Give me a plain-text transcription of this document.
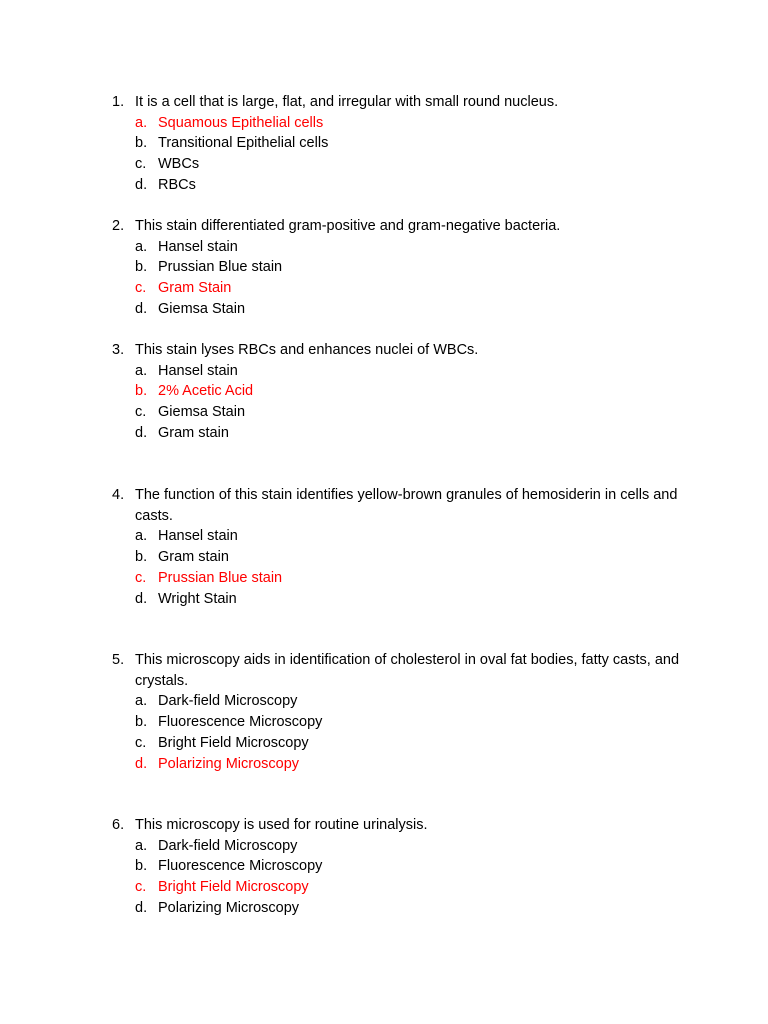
1. It is a cell that is large, flat, and irregular with small round nucleus.
a. Squamous Epithelial cells
b. Transitional Epithelial cells
c. WBCs
d. RBCs
2. This stain differentiated gram-positive and gram-negative bacteria.
a. Hansel stain
b. Prussian Blue stain
c. Gram Stain
d. Giemsa Stain
3. This stain lyses RBCs and enhances nuclei of WBCs.
a. Hansel stain
b. 2% Acetic Acid
c. Giemsa Stain
d. Gram stain
4. The function of this stain identifies yellow-brown granules of hemosiderin in cells and casts.
a. Hansel stain
b. Gram stain
c. Prussian Blue stain
d. Wright Stain
5. This microscopy aids in identification of cholesterol in oval fat bodies, fatty casts, and crystals.
a. Dark-field Microscopy
b. Fluorescence Microscopy
c. Bright Field Microscopy
d. Polarizing Microscopy
6. This microscopy is used for routine urinalysis.
a. Dark-field Microscopy
b. Fluorescence Microscopy
c. Bright Field Microscopy
d. Polarizing Microscopy
